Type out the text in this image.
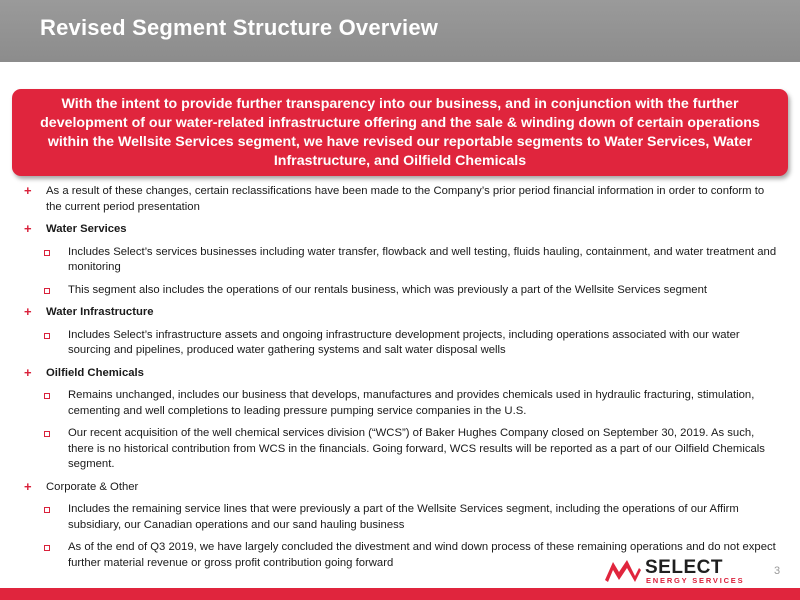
Revised Segment Structure Overview
With the intent to provide further transparency into our business, and in conjunction with the further development of our water-related infrastructure offering and the sale & winding down of certain operations within the Wellsite Services segment, we have revised our reportable segments to Water Services, Water Infrastructure, and Oilfield Chemicals
+ As a result of these changes, certain reclassifications have been made to the Company’s prior period financial information in order to conform to the current period presentation
+ Water Services
Includes Select’s services businesses including water transfer, flowback and well testing, fluids hauling, containment, and water treatment and monitoring
This segment also includes the operations of our rentals business, which was previously a part of the Wellsite Services segment
+ Water Infrastructure
Includes Select’s infrastructure assets and ongoing infrastructure development projects, including operations associated with our water sourcing and pipelines, produced water gathering systems and salt water disposal wells
+ Oilfield Chemicals
Remains unchanged, includes our business that develops, manufactures and provides chemicals used in hydraulic fracturing, stimulation, cementing and well completions to leading pressure pumping service companies in the U.S.
Our recent acquisition of the well chemical services division (“WCS”) of Baker Hughes Company closed on September 30, 2019. As such, there is no historical contribution from WCS in the financials. Going forward, WCS results will be reported as a part of our Oilfield Chemicals segment.
+ Corporate & Other
Includes the remaining service lines that were previously a part of the Wellsite Services segment, including the operations of our Affirm subsidiary, our Canadian operations and our sand hauling business
As of the end of Q3 2019, we have largely concluded the divestment and wind down process of these remaining operations and do not expect further material revenue or gross profit contribution going forward	SELECT
ENERGY SERVICES
3
